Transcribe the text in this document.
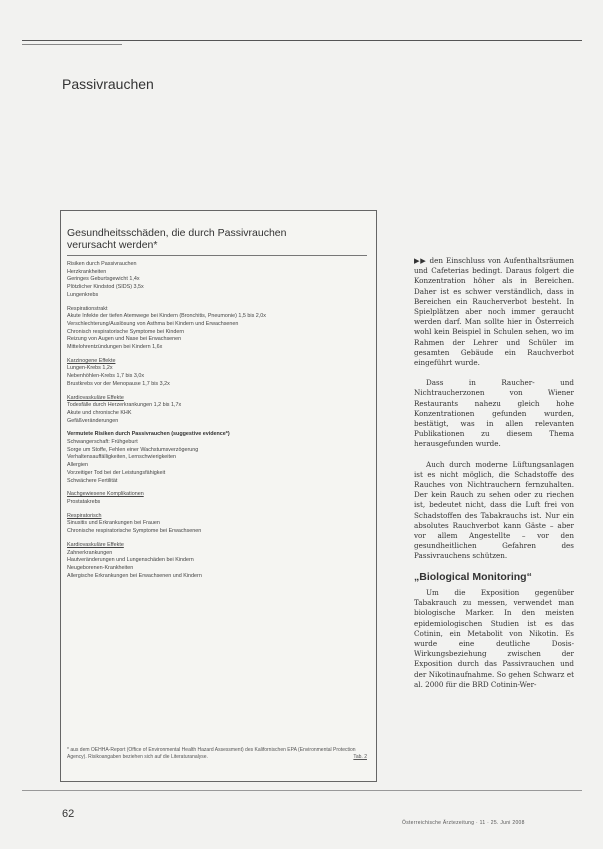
Passivrauchen
Gesundheitsschäden, die durch Passivrauchen
verursacht werden*
Risiken durch Passivrauchen
Herzkrankheiten
Geringes Geburtsgewicht 1,4x
Plötzlicher Kindstod (SIDS) 3,5x
Lungenkrebs
Respirationstrakt
Akute Infekte der tiefen Atemwege bei Kindern (Bronchitis, Pneumonie) 1,5 bis 2,0x
Verschlechterung/Auslösung von Asthma bei Kindern und Erwachsenen
Chronisch respiratorische Symptome bei Kindern
Reizung von Augen und Nase bei Erwachsenen
Mittelohrentzündungen bei Kindern 1,6x
Karzinogene Effekte
Lungen-Krebs 1,2x
Nebenhöhlen-Krebs 1,7 bis 3,0x
Brustkrebs vor der Menopause 1,7 bis 3,2x
Kardiovaskuläre Effekte
Todesfälle durch Herzerkrankungen 1,2 bis 1,7x
Akute und chronische KHK
Gefäßveränderungen
Vermutete Risiken durch Passivrauchen (suggestive evidence*)
Schwangerschaft: Frühgeburt
Sorge um Stoffe, Fehlen einer Wachstumsverzögerung
Verhaltensauffälligkeiten, Lernschwierigkeiten
Allergien
Vorzeitiger Tod bei der Leistungsfähigkeit
Schwächere Fertilität
Nachgewiesene Komplikationen
Prostatakrebs
Respiratorisch
Sinusitis und Erkrankungen bei Frauen
Chronische respiratorische Symptome bei Erwachsenen
Kardiovaskuläre Effekte
Zahnerkrankungen
Hautveränderungen und Lungenschäden bei Kindern
Neugeborenen-Krankheiten
Allergische Erkrankungen bei Erwachsenen und Kindern
* aus dem OEHHA-Report (Office of Environmental Health Hazard Assessment) des Kalifornischen EPA (Environmental Protection Agency). Risikoangaben beziehen sich auf die Literaturanalyse.	Tab. 2

▶▶ den Einschluss von Aufenthaltsräumen und Cafeterias bedingt. Daraus folgert die Konzentration höher als in Bereichen. Daher ist es schwer verständlich, dass in Bereichen ein Raucherverbot besteht. In Spielplätzen aber noch immer geraucht werden darf. Man sollte hier in Österreich wohl kein Beispiel in Schulen sehen, wo im Rahmen der Lehrer und Schüler im gesamten Gebäude ein Rauchverbot eingeführt wurde.

Dass in Raucher- und Nichtraucherzonen von Wiener Restaurants nahezu gleich hohe Konzentrationen gefunden wurden, bestätigt, was in allen relevanten Publikationen zu diesem Thema herausgefunden wurde.

Auch durch moderne Lüftungsanlagen ist es nicht möglich, die Schadstoffe des Rauches von Nichtrauchern fernzuhalten. Der kein Rauch zu sehen oder zu riechen ist, bedeutet nicht, dass die Luft frei von Schadstoffen des Tabakrauchs ist. Nur ein absolutes Rauchverbot kann Gäste – aber vor allem Angestellte – vor den gesundheitlichen Gefahren des Passivrauchens schützen.

„Biological Monitoring“

Um die Exposition gegenüber Tabakrauch zu messen, verwendet man biologische Marker. In den meisten epidemiologischen Studien ist es das Cotinin, ein Metabolit von Nikotin. Es wurde eine deutliche Dosis-Wirkungsbeziehung zwischen der Exposition durch das Passivrauchen und der Nikotinaufnahme. So gehen Schwarz et al. 2000 für die BRD Cotinin-Wer-

62
Österreichische Ärztezeitung · 11 · 25. Juni 2008
